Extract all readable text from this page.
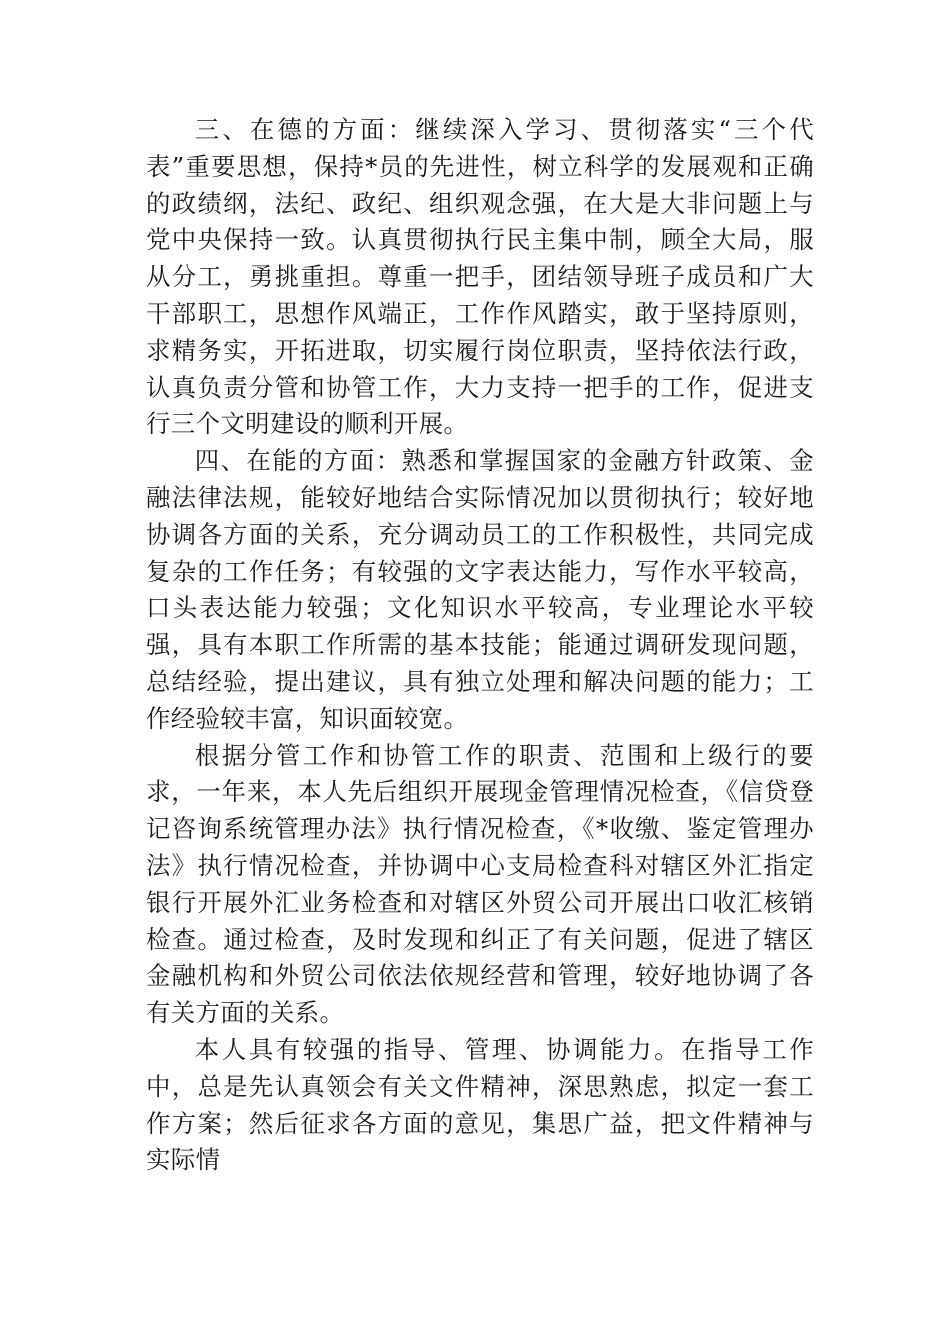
三、在德的方面：继续深入学习、贯彻落实“三个代表”重要思想，保持*员的先进性，树立科学的发展观和正确的政绩纲，法纪、政纪、组织观念强，在大是大非问题上与党中央保持一致。认真贯彻执行民主集中制，顾全大局，服从分工，勇挑重担。尊重一把手，团结领导班子成员和广大干部职工，思想作风端正，工作作风踏实，敢于坚持原则，求精务实，开拓进取，切实履行岗位职责，坚持依法行政，认真负责分管和协管工作，大力支持一把手的工作，促进支行三个文明建设的顺利开展。

四、在能的方面：熟悉和掌握国家的金融方针政策、金融法律法规，能较好地结合实际情况加以贯彻执行；较好地协调各方面的关系，充分调动员工的工作积极性，共同完成复杂的工作任务；有较强的文字表达能力，写作水平较高，口头表达能力较强；文化知识水平较高，专业理论水平较强，具有本职工作所需的基本技能；能通过调研发现问题，总结经验，提出建议，具有独立处理和解决问题的能力；工作经验较丰富，知识面较宽。

根据分管工作和协管工作的职责、范围和上级行的要求，一年来，本人先后组织开展现金管理情况检查，《信贷登记咨询系统管理办法》执行情况检查，《*收缴、鉴定管理办法》执行情况检查，并协调中心支局检查科对辖区外汇指定银行开展外汇业务检查和对辖区外贸公司开展出口收汇核销检查。通过检查，及时发现和纠正了有关问题，促进了辖区金融机构和外贸公司依法依规经营和管理，较好地协调了各有关方面的关系。

本人具有较强的指导、管理、协调能力。在指导工作中，总是先认真领会有关文件精神，深思熟虑，拟定一套工作方案；然后征求各方面的意见，集思广益，把文件精神与实际情
